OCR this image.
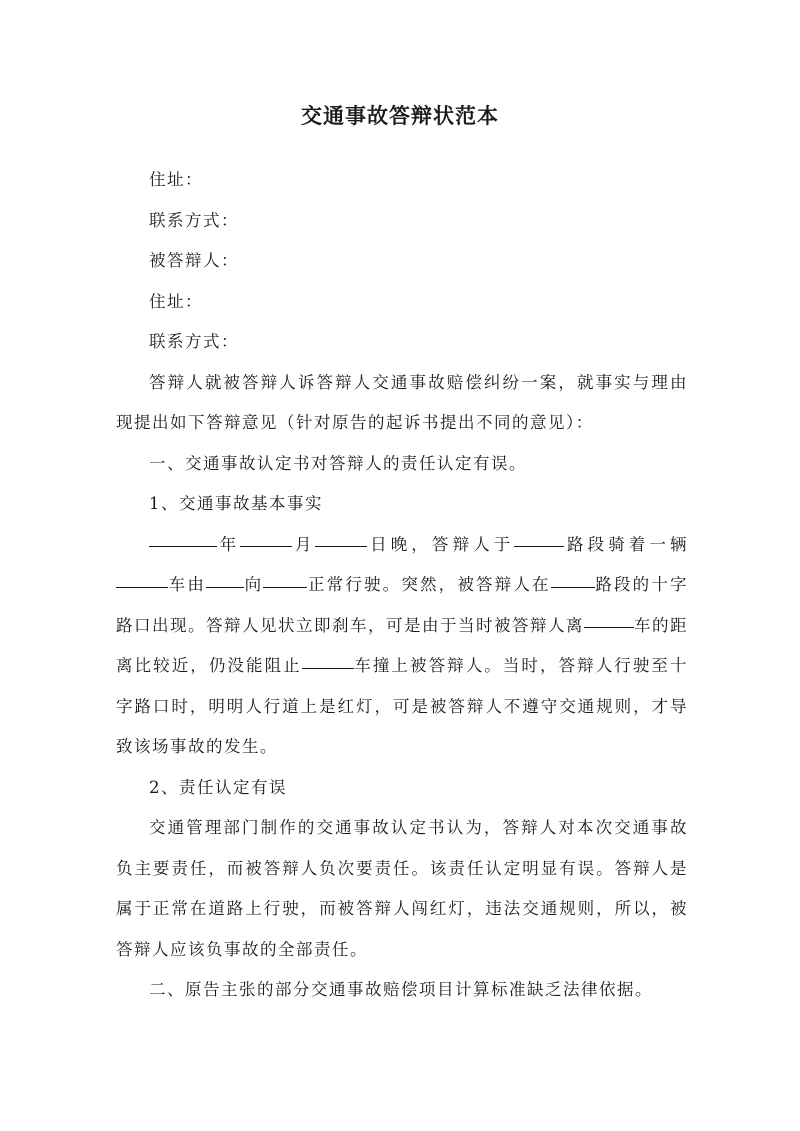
交通事故答辩状范本

住址：

联系方式：

被答辩人：

住址：

联系方式：

答辩人就被答辩人诉答辩人交通事故赔偿纠纷一案，就事实与理由现提出如下答辩意见（针对原告的起诉书提出不同的意见）：

一、交通事故认定书对答辩人的责任认定有误。

1、交通事故基本事实

年	月	日晚，答辩人于	路段骑着一辆车由 向	正常行驶。突然，被答辩人在	路段的十字路口出现。答辩人见状立即刹车，可是由于当时被答辩人离	车的距离比较近，仍没能阻止	车撞上被答辩人。当时，答辩人行驶至十字路口时，明明人行道上是红灯，可是被答辩人不遵守交通规则，才导致该场事故的发生。

2、责任认定有误

交通管理部门制作的交通事故认定书认为，答辩人对本次交通事故负主要责任，而被答辩人负次要责任。该责任认定明显有误。答辩人是属于正常在道路上行驶，而被答辩人闯红灯，违法交通规则，所以，被答辩人应该负事故的全部责任。

二、原告主张的部分交通事故赔偿项目计算标准缺乏法律依据。
